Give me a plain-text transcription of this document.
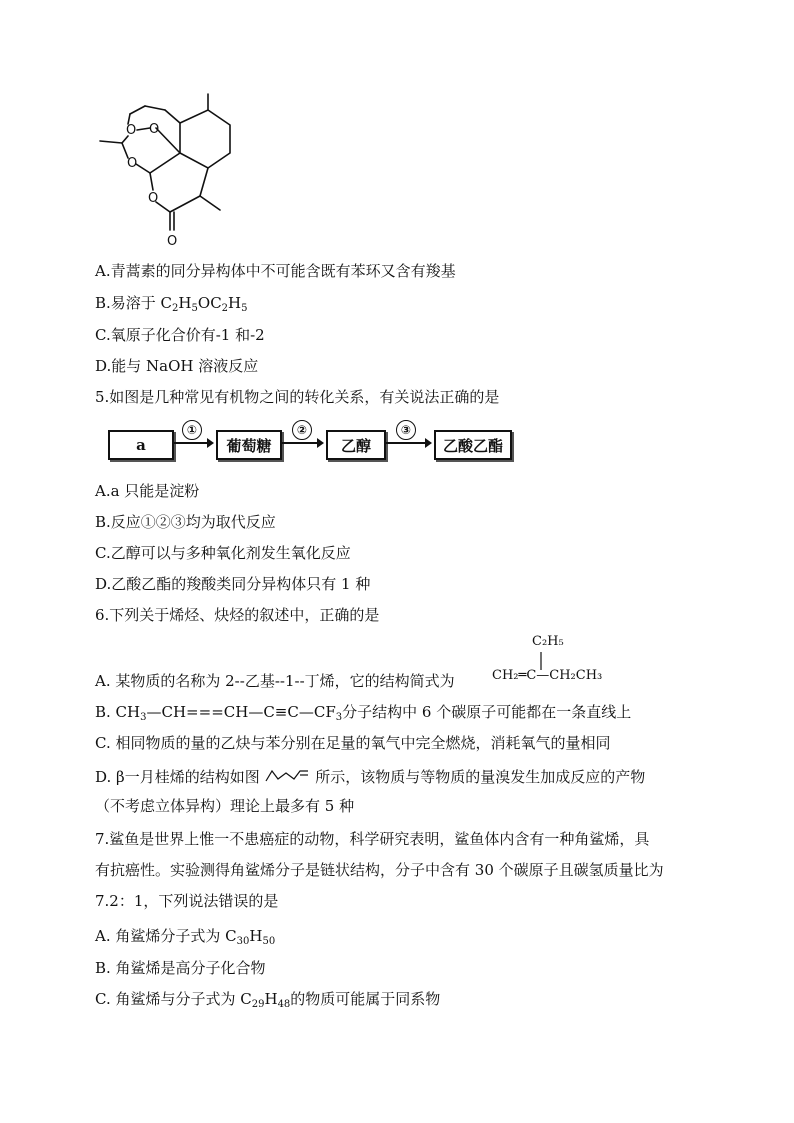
O O
O
O
O
A.青蒿素的同分异构体中不可能含既有苯环又含有羧基
B.易溶于 $C_2H_5OC_2H_5$
C.氧原子化合价有-1 和-2
D.能与 NaOH 溶液反应
5.如图是几种常见有机物之间的转化关系，有关说法正确的是
a
①
葡萄糖
②
乙醇
③
乙酸乙酯
A.a 只能是淀粉
B.反应①②③均为取代反应
C.乙醇可以与多种氧化剂发生氧化反应
D.乙酸乙酯的羧酸类同分异构体只有 1 种
6.下列关于烯烃、炔烃的叙述中，正确的是
A. 某物质的名称为 2--乙基--1--丁烯，它的结构简式为
C₂H₅
CH₂═C—CH₂CH₃
B. $CH_3—CH===CH—C\equiv C—CF_3$分子结构中 6 个碳原子可能都在一条直线上
C. 相同物质的量的乙炔与苯分别在足量的氧气中完全燃烧，消耗氧气的量相同
D. β一月桂烯的结构如图	所示，该物质与等物质的量溴发生加成反应的产物
（不考虑立体异构）理论上最多有 5 种
7.鲨鱼是世界上惟一不患癌症的动物，科学研究表明，鲨鱼体内含有一种角鲨烯，具
有抗癌性。实验测得角鲨烯分子是链状结构，分子中含有 30 个碳原子且碳氢质量比为
7.2：1，下列说法错误的是
A. 角鲨烯分子式为 $C_{30}H_{50}$
B. 角鲨烯是高分子化合物
C. 角鲨烯与分子式为 $C_{29}H_{48}$的物质可能属于同系物
